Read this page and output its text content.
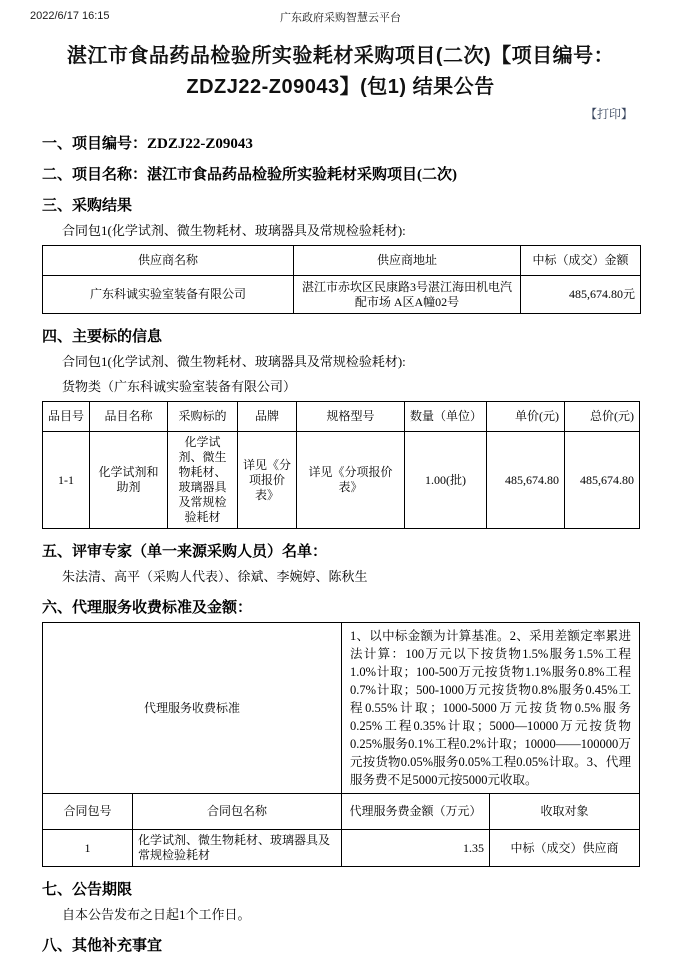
2022/6/17 16:15	广东政府采购智慧云平台
湛江市食品药品检验所实验耗材采购项目(二次)【项目编号：ZDZJ22-Z09043】(包1) 结果公告
【打印】
一、项目编号：ZDZJ22-Z09043
二、项目名称：湛江市食品药品检验所实验耗材采购项目(二次)
三、采购结果

合同包1(化学试剂、微生物耗材、玻璃器具及常规检验耗材):

供应商名称	供应商地址	中标（成交）金额
广东科诚实验室装备有限公司	湛江市赤坎区民康路3号湛江海田机电汽配市场 A区A幢02号	485,674.80元
四、主要标的信息

合同包1(化学试剂、微生物耗材、玻璃器具及常规检验耗材):

货物类（广东科诚实验室装备有限公司）

品目号	品目名称	采购标的	品牌	规格型号	数量（单位）	单价(元)	总价(元)
1-1	化学试剂和助剂	化学试剂、微生物耗材、玻璃器具及常规检验耗材	详见《分项报价表》	详见《分项报价表》	1.00(批)	485,674.80	485,674.80
五、评审专家（单一来源采购人员）名单：

朱法清、高平（采购人代表）、徐斌、李婉婷、陈秋生

六、代理服务收费标准及金额：
代理服务收费标准		1、以中标金额为计算基准。2、采用差额定率累进法计算：100万元以下按货物1.5%服务1.5%工程1.0%计取；100-500万元按货物1.1%服务0.8%工程0.7%计取；500-1000万元按货物0.8%服务0.45%工程0.55%计取；1000-5000万元按货物0.5%服务0.25%工程0.35%计取；5000—10000万元按货物0.25%服务0.1%工程0.2%计取；10000——100000万元按货物0.05%服务0.05%工程0.05%计取。3、代理服务费不足5000元按5000元收取。	
合同包号	合同包名称	代理服务费金额（万元）	收取对象
1	化学试剂、微生物耗材、玻璃器具及常规检验耗材	1.35	中标（成交）供应商
七、公告期限

自本公告发布之日起1个工作日。

八、其他补充事宜
